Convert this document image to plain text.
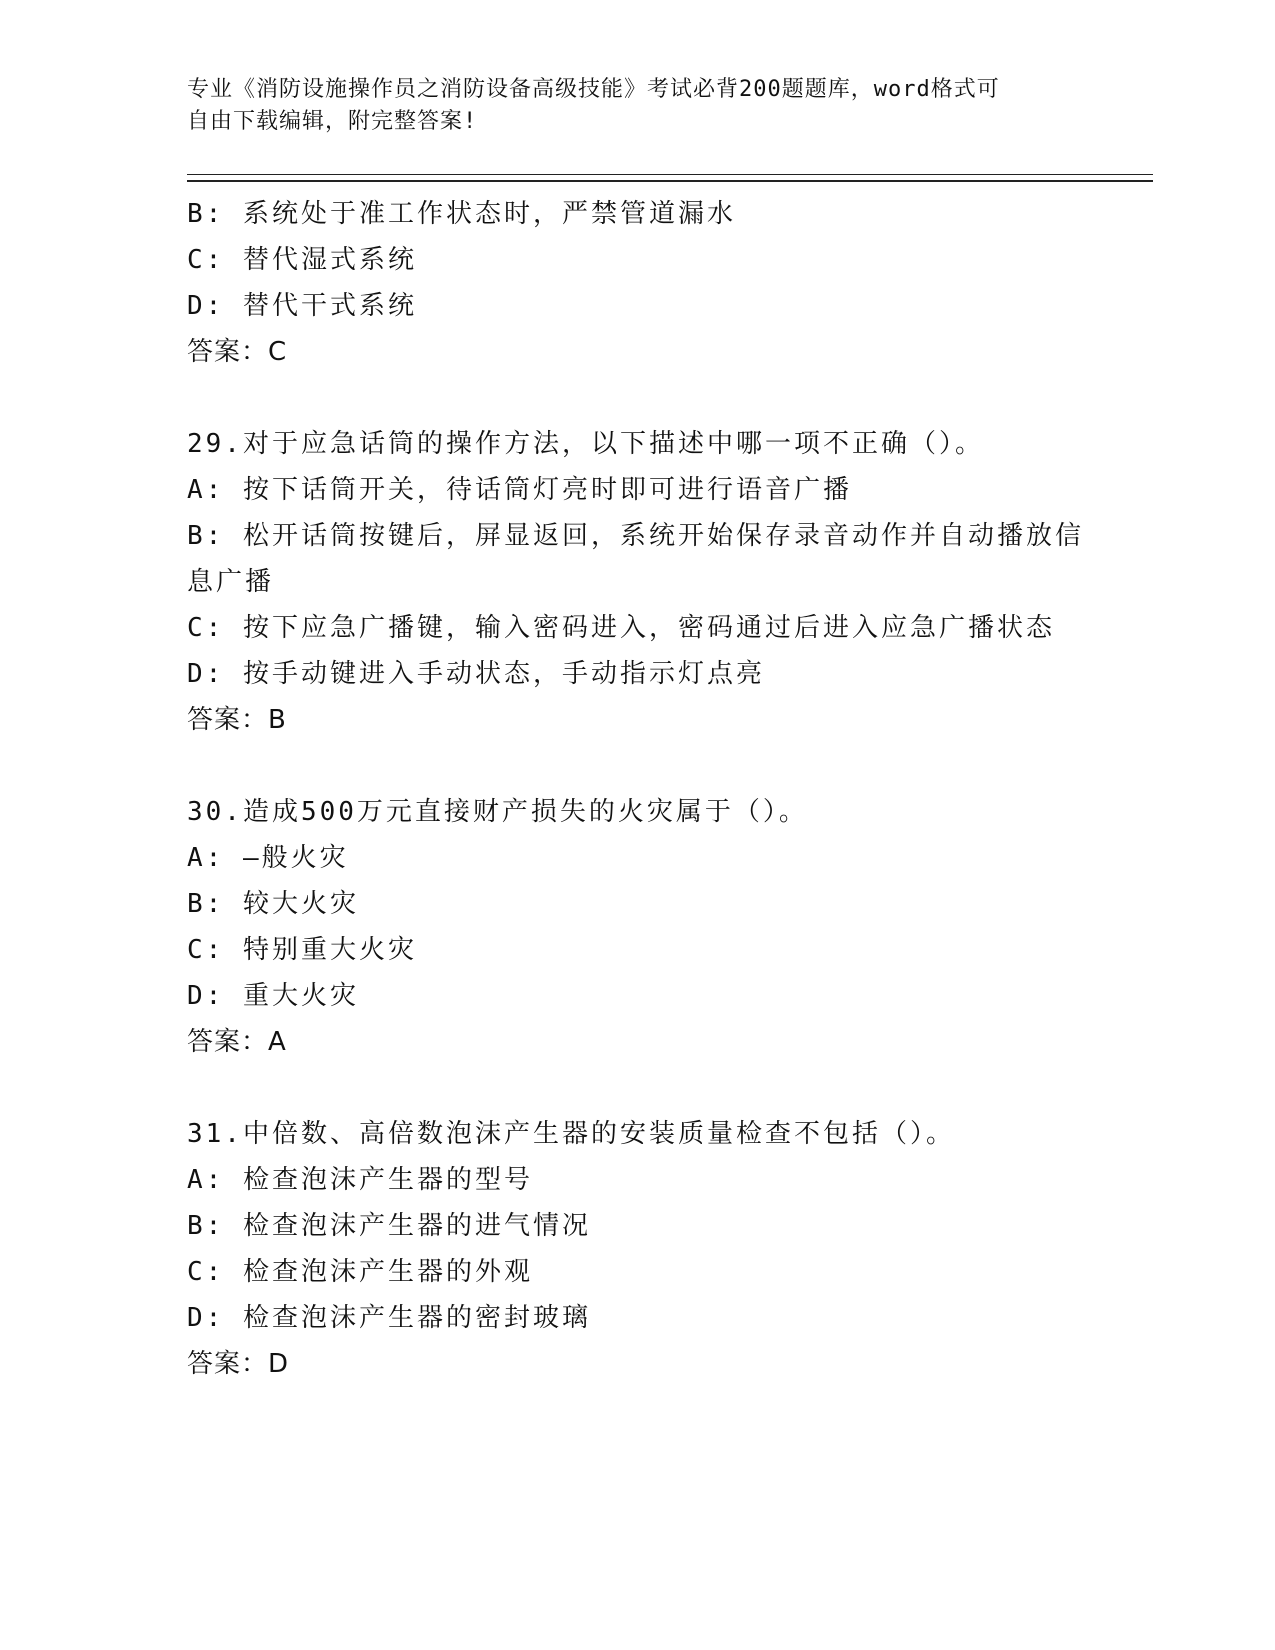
专业《消防设施操作员之消防设备高级技能》考试必背200题题库，word格式可
自由下载编辑，附完整答案!

B: 系统处于准工作状态时，严禁管道漏水

C: 替代湿式系统

D: 替代干式系统

答案：C

29.对于应急话筒的操作方法，以下描述中哪一项不正确（）。

A: 按下话筒开关，待话筒灯亮时即可进行语音广播

B: 松开话筒按键后，屏显返回，系统开始保存录音动作并自动播放信

息广播

C: 按下应急广播键，输入密码进入，密码通过后进入应急广播状态

D: 按手动键进入手动状态，手动指示灯点亮

答案：B

30.造成500万元直接财产损失的火灾属于（）。

A: —般火灾

B: 较大火灾

C: 特别重大火灾

D: 重大火灾

答案：A

31.中倍数、高倍数泡沫产生器的安装质量检查不包括（）。

A: 检查泡沫产生器的型号

B: 检查泡沫产生器的进气情况

C: 检查泡沫产生器的外观

D: 检查泡沫产生器的密封玻璃

答案：D
